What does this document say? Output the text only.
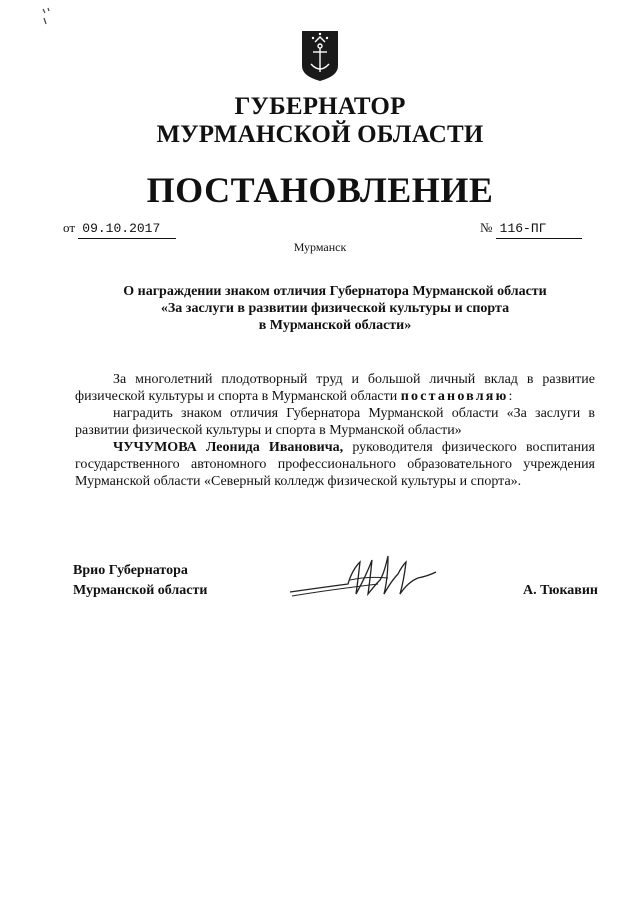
ГУБЕРНАТОР
МУРМАНСКОЙ ОБЛАСТИ
ПОСТАНОВЛЕНИЕ
от 09.10.2017	№ 116-ПГ
Мурманск
О награждении знаком отличия Губернатора Мурманской области
«За заслуги в развитии физической культуры и спорта
в Мурманской области»

За многолетний плодотворный труд и большой личный вклад в развитие физической культуры и спорта в Мурманской области постановляю:

наградить знаком отличия Губернатора Мурманской области «За заслуги в развитии физической культуры и спорта в Мурманской области»

ЧУЧУМОВА Леонида Ивановича, руководителя физического воспитания государственного автономного профессионального образовательного учреждения Мурманской области «Северный колледж физической культуры и спорта».

Врио Губернатора
Мурманской области	А. Тюкавин
